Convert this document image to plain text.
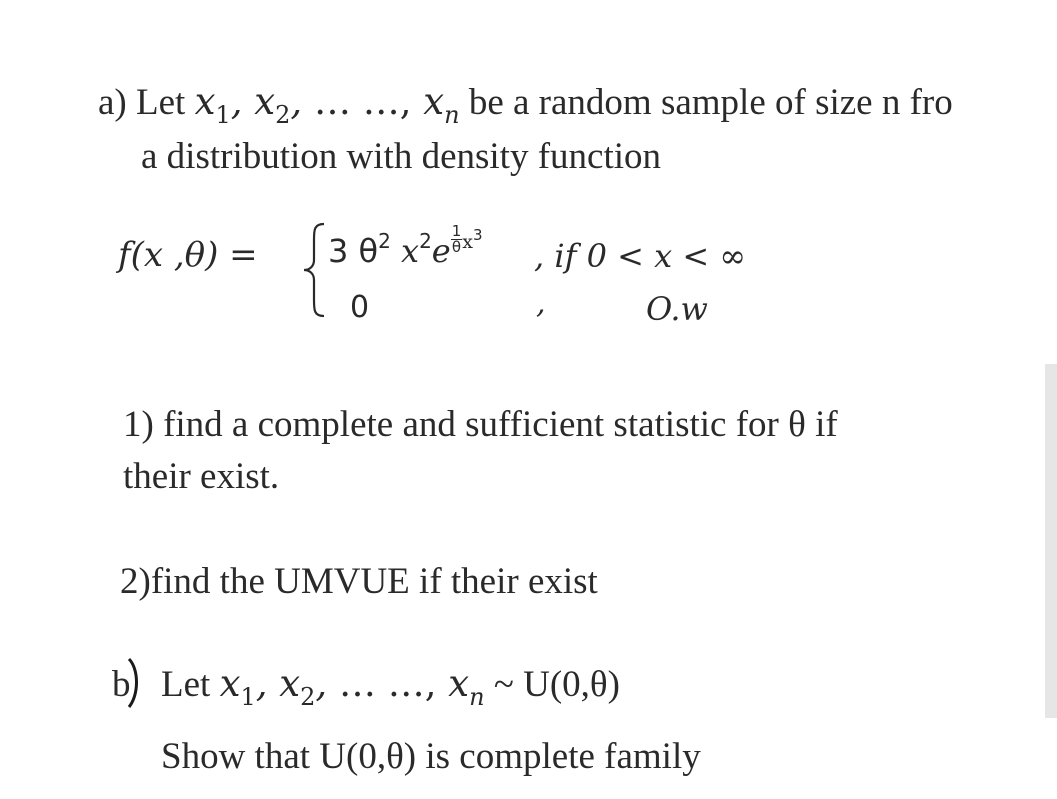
a) Let $x_1$, $x_2$, … …, $x_n$ be a random sample of size n fro
a distribution with density function
f(x ,θ) = 3 $\theta^2$ $x^2e \frac{1}{\theta} ^{x3}$
, if 0 < x < ∞
0	,	O.w
1) find a complete and sufficient statistic for θ if
their exist.
2)find the UMVUE if their exist
b Let $x_1$, $x_2$, … …, $x_n$ ~ U(0,θ)
Show that U(0,θ) is complete family
